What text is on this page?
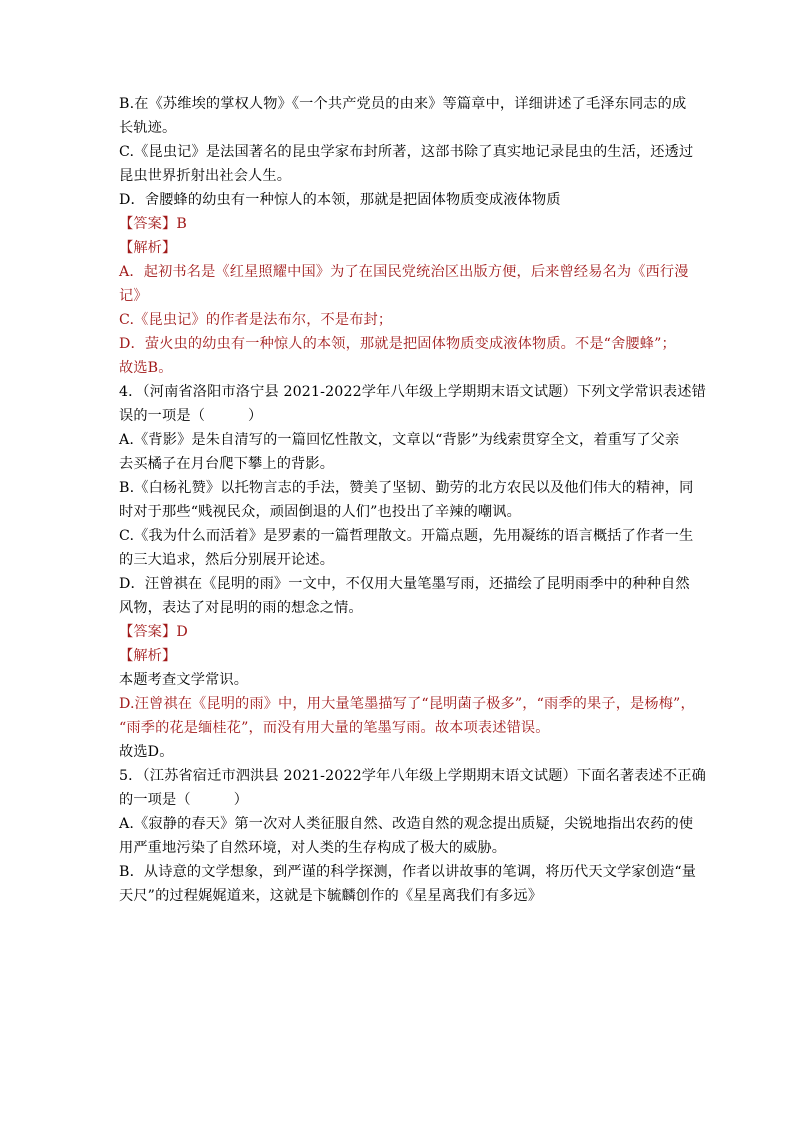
B.在《苏维埃的掌权人物》《一个共产党员的由来》等篇章中，详细讲述了毛泽东同志的成
长轨迹。
C.《昆虫记》是法国著名的昆虫学家布封所著，这部书除了真实地记录昆虫的生活，还透过
昆虫世界折射出社会人生。
D．舍腰蜂的幼虫有一种惊人的本领，那就是把固体物质变成液体物质
【答案】B
【解析】
A．起初书名是《红星照耀中国》为了在国民党统治区出版方便，后来曾经易名为《西行漫
记》
C.《昆虫记》的作者是法布尔，不是布封；
D．萤火虫的幼虫有一种惊人的本领，那就是把固体物质变成液体物质。不是“舍腰蜂”；
故选B。
4．（河南省洛阳市洛宁县 2021-2022学年八年级上学期期末语文试题）下列文学常识表述错
误的一项是（　　　）
A.《背影》是朱自清写的一篇回忆性散文，文章以“背影”为线索贯穿全文，着重写了父亲
去买橘子在月台爬下攀上的背影。
B.《白杨礼赞》以托物言志的手法，赞美了坚韧、勤劳的北方农民以及他们伟大的精神，同
时对于那些“贱视民众，顽固倒退的人们”也投出了辛辣的嘲讽。
C.《我为什么而活着》是罗素的一篇哲理散文。开篇点题，先用凝练的语言概括了作者一生
的三大追求，然后分别展开论述。
D．汪曾祺在《昆明的雨》一文中，不仅用大量笔墨写雨，还描绘了昆明雨季中的种种自然
风物，表达了对昆明的雨的想念之情。
【答案】D
【解析】
本题考查文学常识。
D.汪曾祺在《昆明的雨》中，用大量笔墨描写了“昆明菌子极多”，“雨季的果子，是杨梅”，
“雨季的花是缅桂花”，而没有用大量的笔墨写雨。故本项表述错误。
故选D。
5．（江苏省宿迁市泗洪县 2021-2022学年八年级上学期期末语文试题）下面名著表述不正确
的一项是（　　　）
A.《寂静的春天》第一次对人类征服自然、改造自然的观念提出质疑，尖锐地指出农药的使
用严重地污染了自然环境，对人类的生存构成了极大的威胁。
B．从诗意的文学想象，到严谨的科学探测，作者以讲故事的笔调，将历代天文学家创造“量
天尺”的过程娓娓道来，这就是卞毓麟创作的《星星离我们有多远》
